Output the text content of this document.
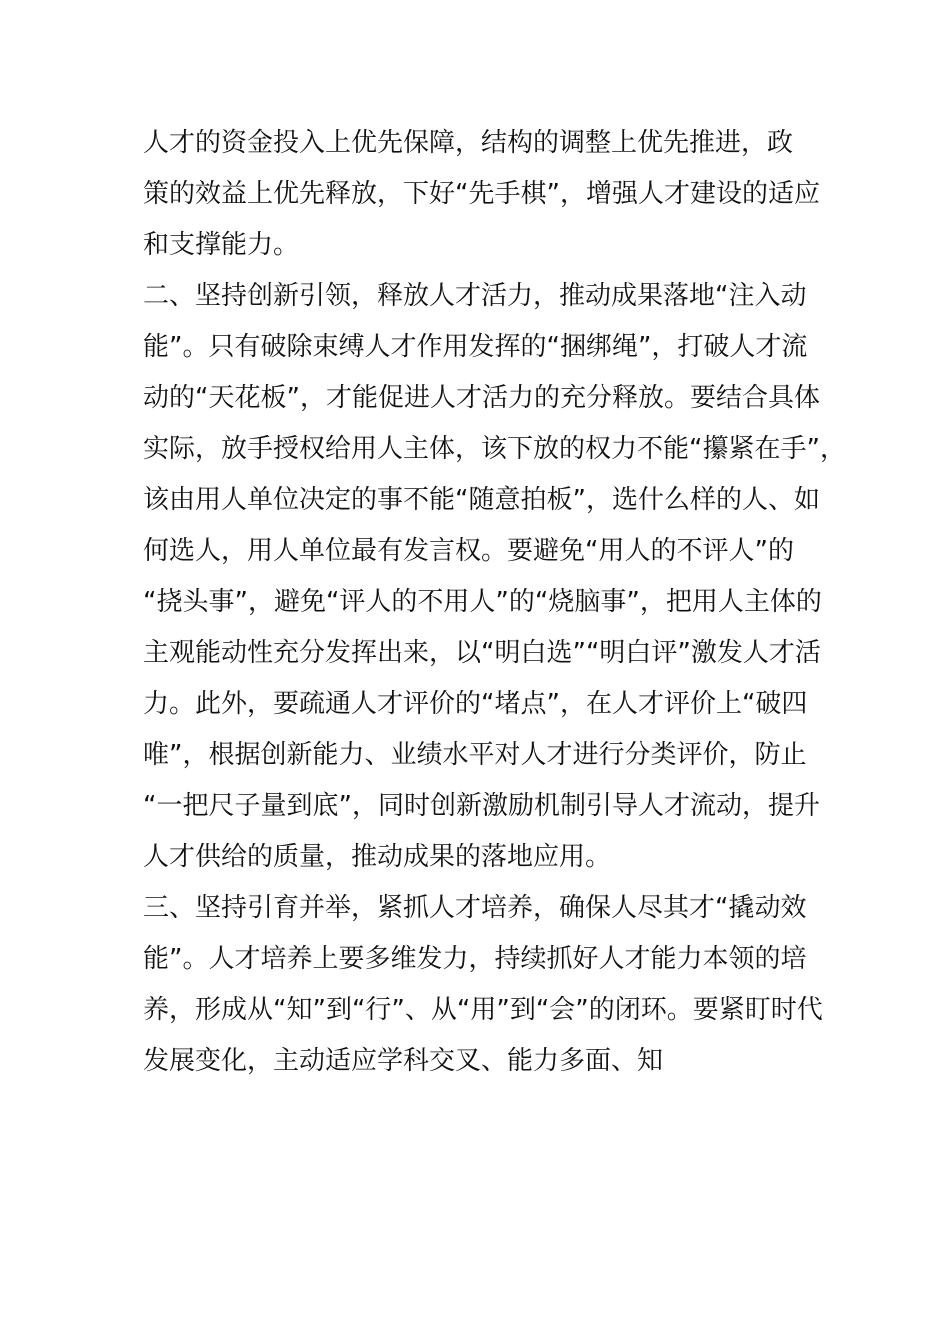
人才的资金投入上优先保障，结构的调整上优先推进，政
策的效益上优先释放，下好“先手棋”，增强人才建设的适应
和支撑能力。
二、坚持创新引领，释放人才活力，推动成果落地“注入动
能”。只有破除束缚人才作用发挥的“捆绑绳”，打破人才流
动的“天花板”，才能促进人才活力的充分释放。要结合具体
实际，放手授权给用人主体，该下放的权力不能“攥紧在手”，
该由用人单位决定的事不能“随意拍板”，选什么样的人、如
何选人，用人单位最有发言权。要避免“用人的不评人”的
“挠头事”，避免“评人的不用人”的“烧脑事”，把用人主体的
主观能动性充分发挥出来，以“明白选”“明白评”激发人才活
力。此外，要疏通人才评价的“堵点”，在人才评价上“破四
唯”，根据创新能力、业绩水平对人才进行分类评价，防止
“一把尺子量到底”，同时创新激励机制引导人才流动，提升
人才供给的质量，推动成果的落地应用。
三、坚持引育并举，紧抓人才培养，确保人尽其才“撬动效
能”。人才培养上要多维发力，持续抓好人才能力本领的培
养，形成从“知”到“行”、从“用”到“会”的闭环。要紧盯时代
发展变化，主动适应学科交叉、能力多面、知
